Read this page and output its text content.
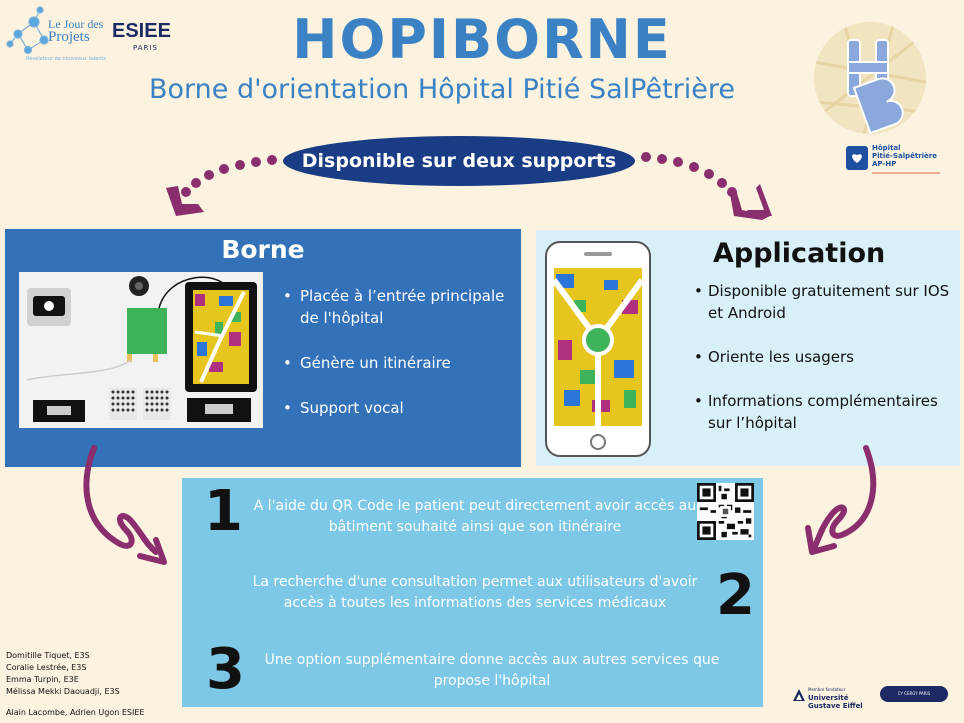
Le Jour des
Projets
Révélateur de nouveaux talents
ESIEE
PARIS	HOPIBORNE
Borne d'orientation Hôpital Pitié SalPêtrière
Hôpital
Pitié-Salpêtrière
AP-HP
Disponible sur deux supports
Borne
• Placée à l’entrée principale de l'hôpital
• Génère un itinéraire
• Support vocal
Application
• Disponible gratuitement sur IOS et Android
• Oriente les usagers
• Informations complémentaires sur l’hôpital
1 A l'aide du QR Code le patient peut directement avoir accès au bâtiment souhaité ainsi que son itinéraire
La recherche d'une consultation permet aux utilisateurs d'avoir accès à toutes les informations des services médicaux 2
3 Une option supplémentaire donne accès aux autres services que propose l'hôpital
Domitille Tiquet, E3S
Coralie Lestrée, E3S
Emma Turpin, E3E
Mélissa Mekki Daouadji, E3S
Alain Lacombe, Adrien Ugon ESIEE
Membre fondateur
Université
Gustave Eiffel
CY CERGY PARIS
